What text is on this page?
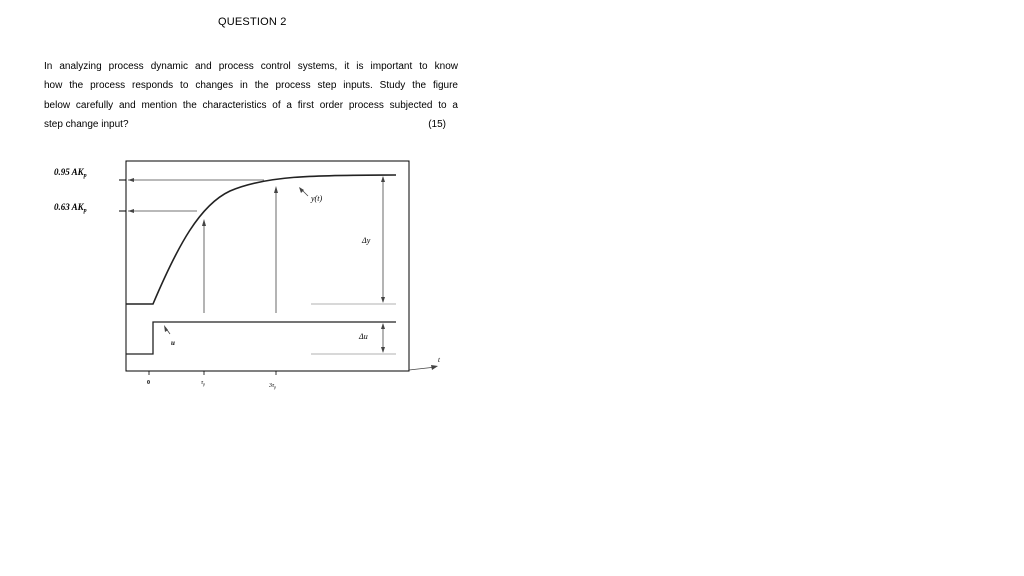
QUESTION 2
In analyzing process dynamic and process control systems, it is important to know
how the process responds to changes in the process step inputs. Study the figure
below carefully and mention the characteristics of a first order process subjected to a
step change input?	(15)
0.95 $AK_p$
0.63 $AK_p$
y(t)
Δy
u
Δu
t
0	$\tau_p$	$3\tau_p$
